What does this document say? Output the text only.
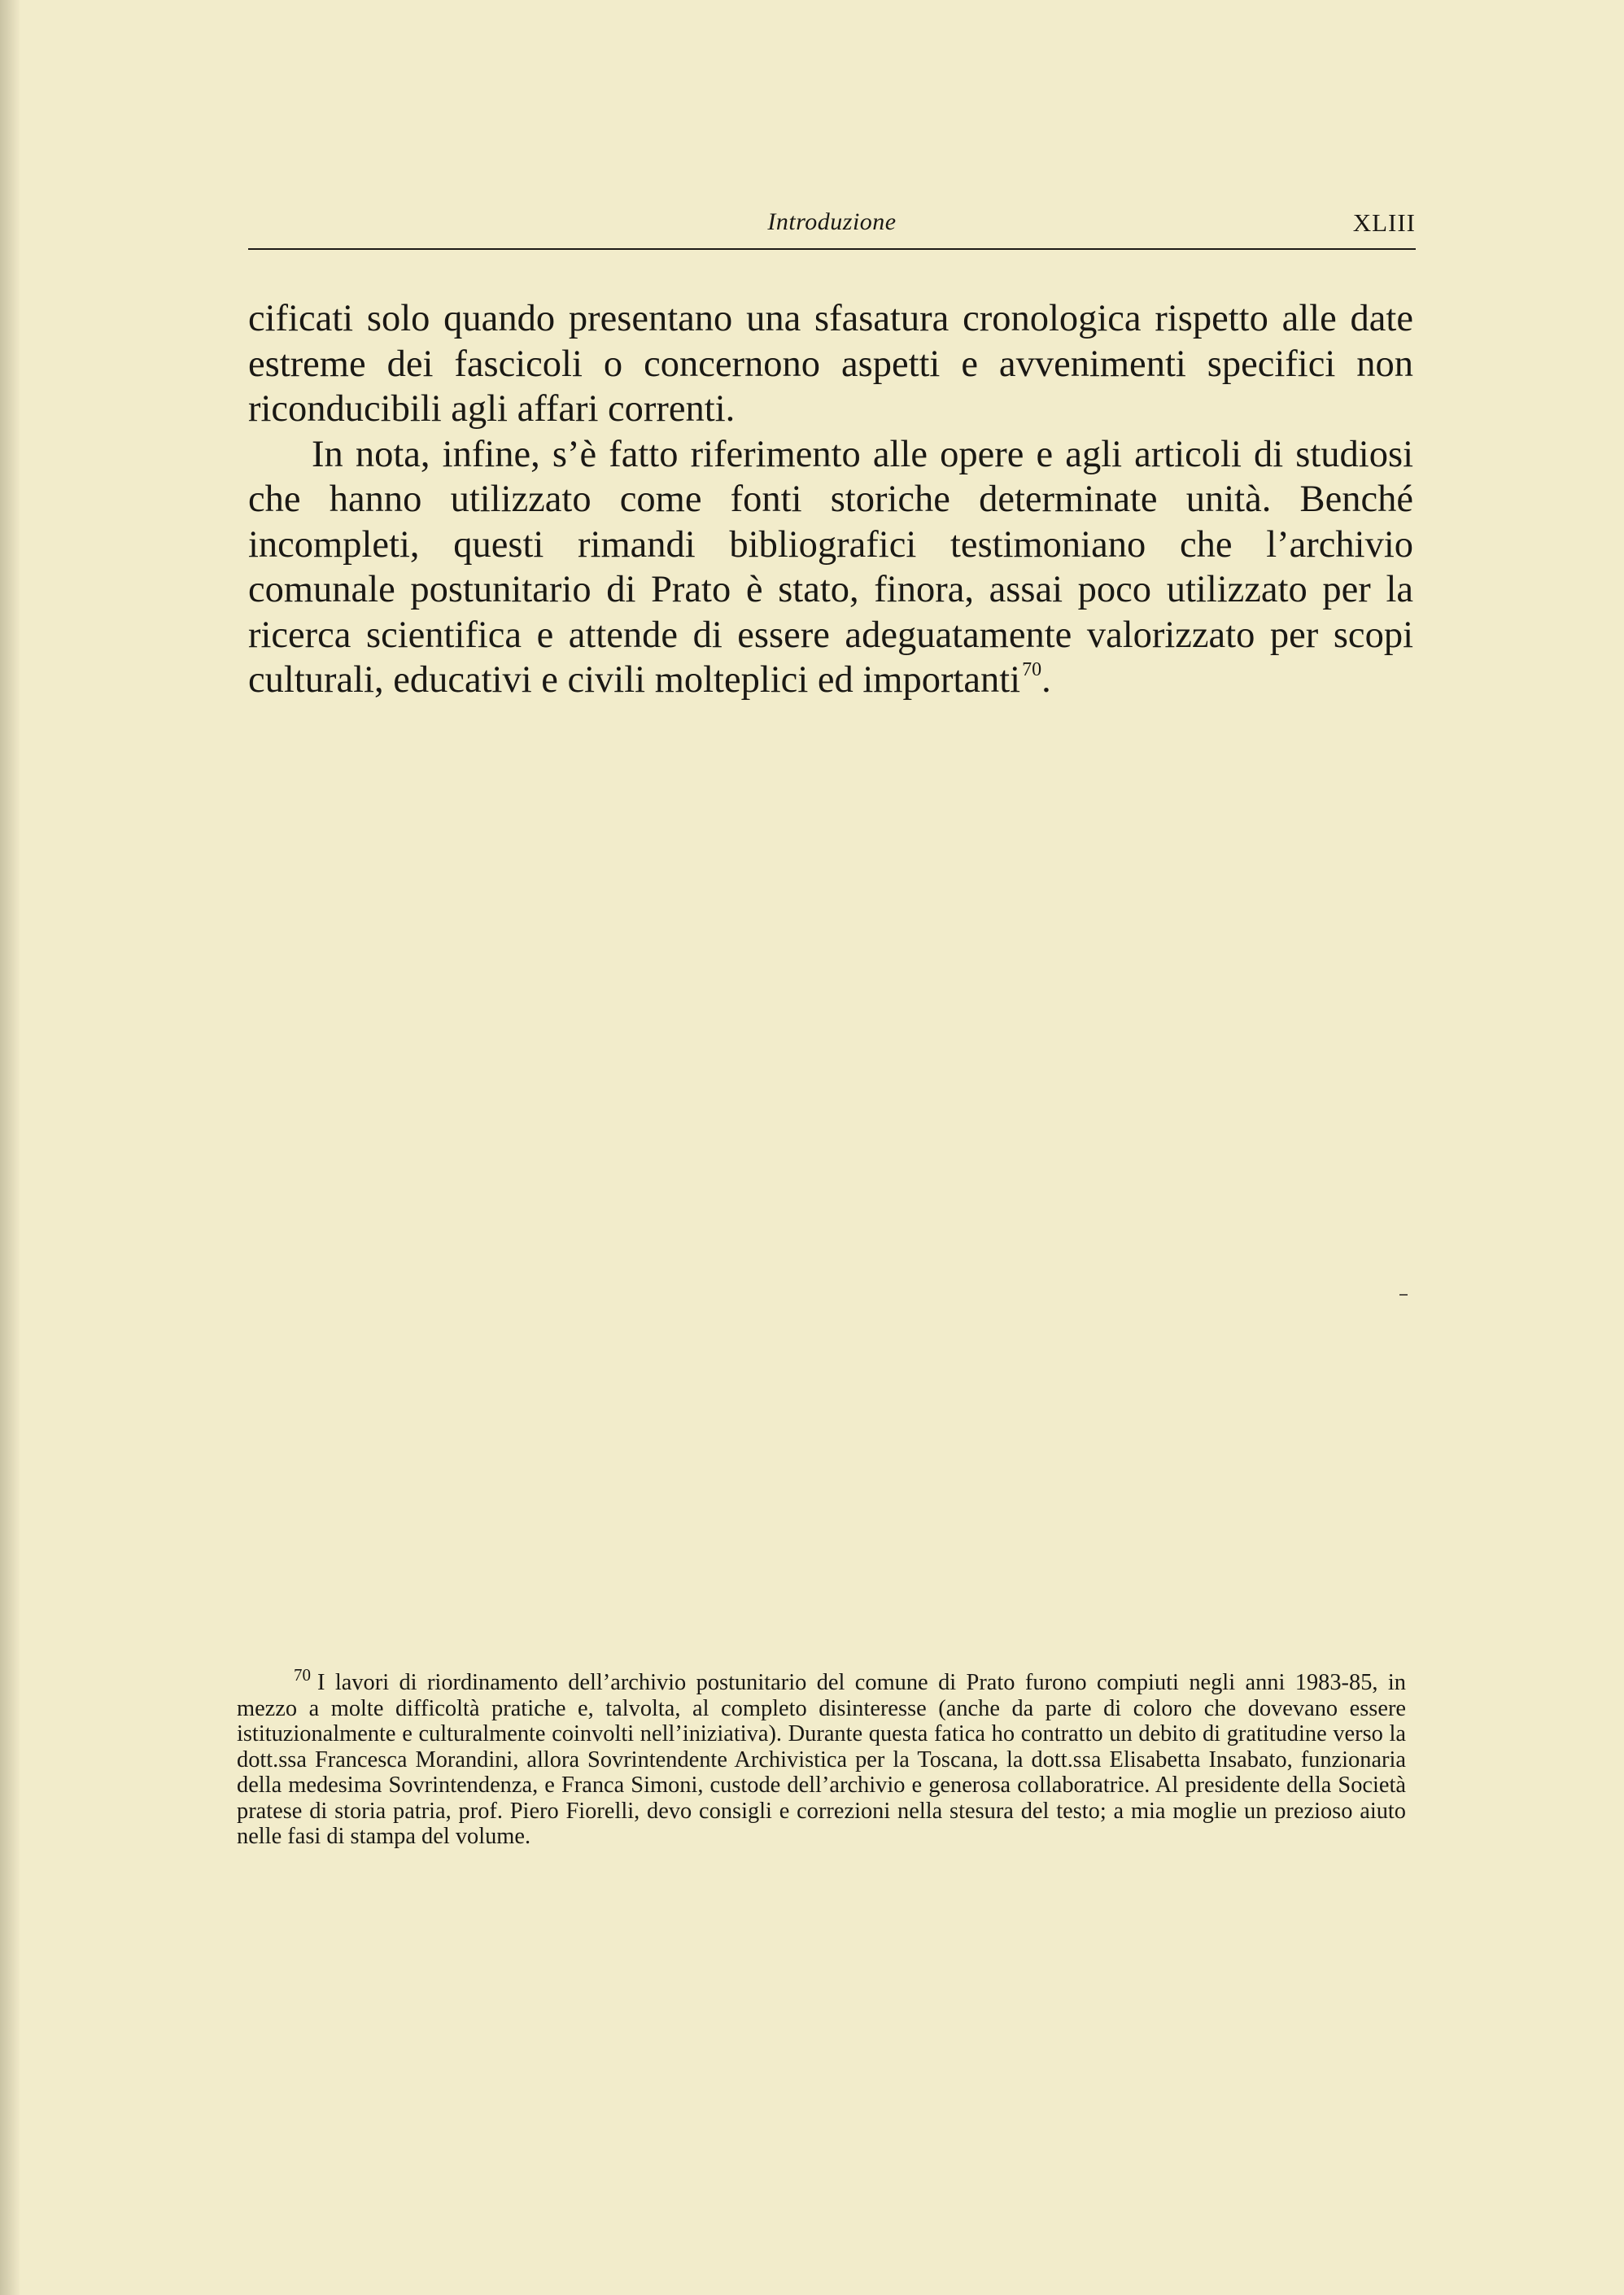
Introduzione	XLIII

cificati solo quando presentano una sfasatura cronologica rispetto alle date estreme dei fascicoli o concernono aspetti e avvenimenti specifici non riconducibili agli affari correnti.

In nota, infine, s’è fatto riferimento alle opere e agli articoli di studiosi che hanno utilizzato come fonti storiche determinate unità. Benché incompleti, questi rimandi bibliografici testimoniano che l’archivio comunale postunitario di Prato è stato, finora, assai poco utilizzato per la ricerca scientifica e attende di essere adeguatamente valorizzato per scopi culturali, educativi e civili molteplici ed importanti$^{70}$.

$^{70}$ I lavori di riordinamento dell’archivio postunitario del comune di Prato furono compiuti negli anni 1983-85, in mezzo a molte difficoltà pratiche e, talvolta, al completo disinteresse (anche da parte di coloro che dovevano essere istituzionalmente e culturalmente coinvolti nell’iniziativa). Durante questa fatica ho contratto un debito di gratitudine verso la dott.ssa Francesca Morandini, allora Sovrintendente Archivistica per la Toscana, la dott.ssa Elisabetta Insabato, funzionaria della medesima Sovrintendenza, e Franca Simoni, custode dell’archivio e generosa collaboratrice. Al presidente della Società pratese di storia patria, prof. Piero Fiorelli, devo consigli e correzioni nella stesura del testo; a mia moglie un prezioso aiuto nelle fasi di stampa del volume.
